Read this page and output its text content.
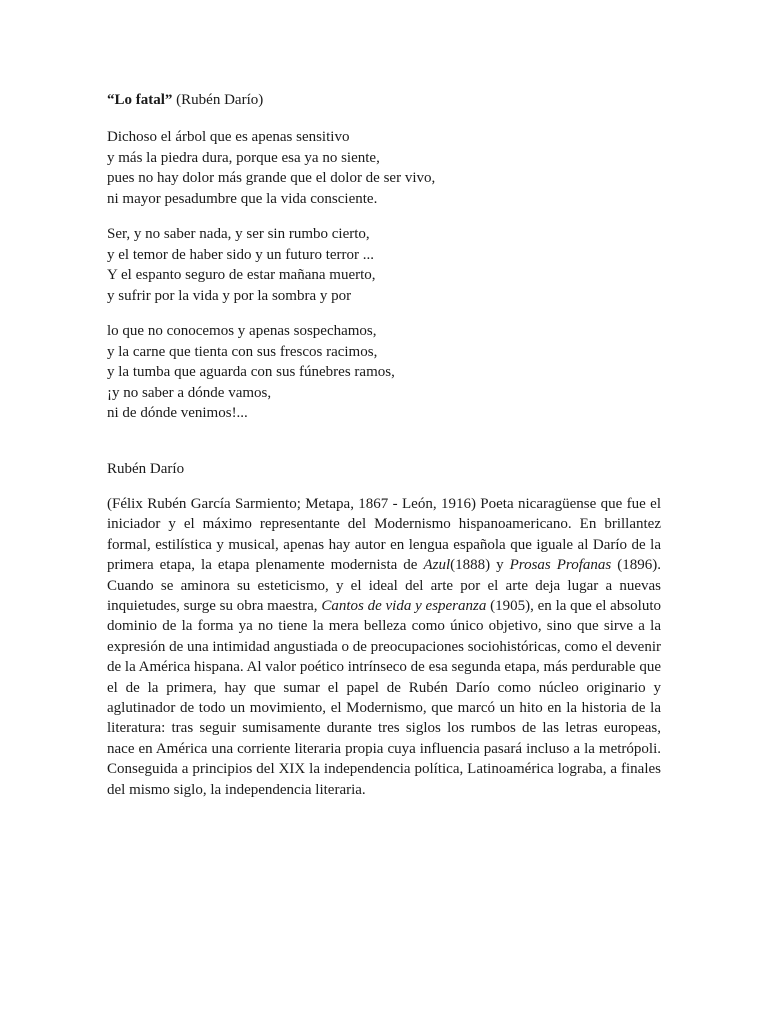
“Lo fatal” (Rubén Darío)

Dichoso el árbol que es apenas sensitivo
y más la piedra dura, porque esa ya no siente,
pues no hay dolor más grande que el dolor de ser vivo,
ni mayor pesadumbre que la vida consciente.
Ser, y no saber nada, y ser sin rumbo cierto,
y el temor de haber sido y un futuro terror ...
Y el espanto seguro de estar mañana muerto,
y sufrir por la vida y por la sombra y por
lo que no conocemos y apenas sospechamos,
y la carne que tienta con sus frescos racimos,
y la tumba que aguarda con sus fúnebres ramos,
¡y no saber a dónde vamos,
ni de dónde venimos!...

Rubén Darío

(Félix Rubén García Sarmiento; Metapa, 1867 - León, 1916) Poeta nicaragüense que fue el iniciador y el máximo representante del Modernismo hispanoamericano. En brillantez formal, estilística y musical, apenas hay autor en lengua española que iguale al Darío de la primera etapa, la etapa plenamente modernista de Azul(1888) y Prosas Profanas (1896). Cuando se aminora su esteticismo, y el ideal del arte por el arte deja lugar a nuevas inquietudes, surge su obra maestra, Cantos de vida y esperanza (1905), en la que el absoluto dominio de la forma ya no tiene la mera belleza como único objetivo, sino que sirve a la expresión de una intimidad angustiada o de preocupaciones sociohistóricas, como el devenir de la América hispana. Al valor poético intrínseco de esa segunda etapa, más perdurable que el de la primera, hay que sumar el papel de Rubén Darío como núcleo originario y aglutinador de todo un movimiento, el Modernismo, que marcó un hito en la historia de la literatura: tras seguir sumisamente durante tres siglos los rumbos de las letras europeas, nace en América una corriente literaria propia cuya influencia pasará incluso a la metrópoli. Conseguida a principios del XIX la independencia política, Latinoamérica lograba, a finales del mismo siglo, la independencia literaria.
